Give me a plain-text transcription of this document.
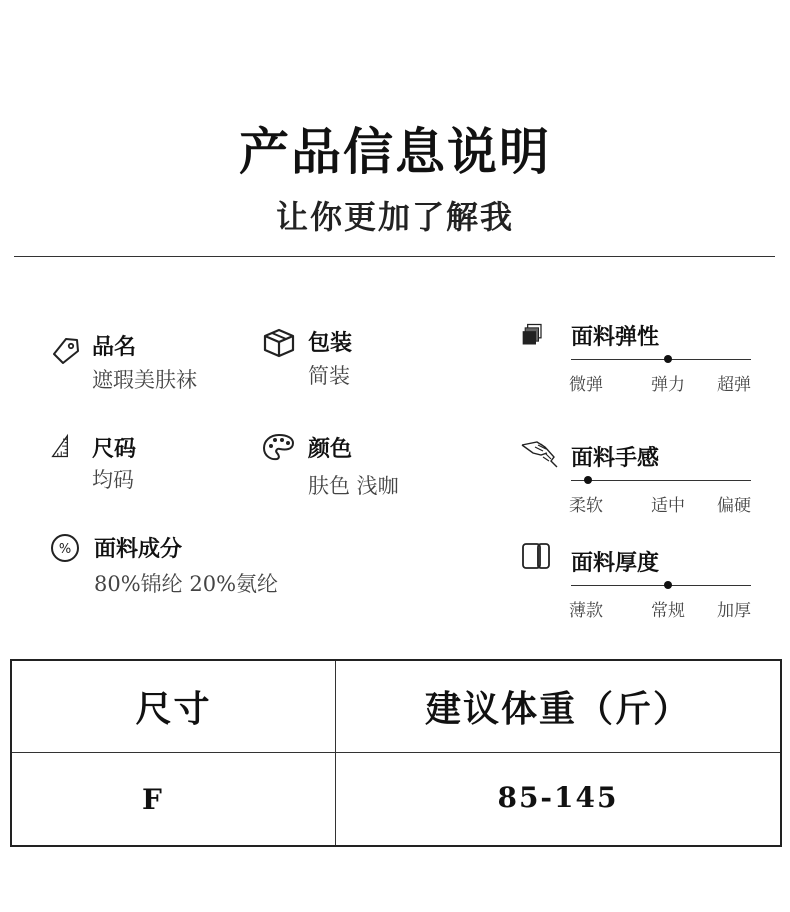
产品信息说明
让你更加了解我
品名
遮瑕美肤袜
包装
简装
尺码
均码
颜色
肤色 浅咖
% 面料成分
80%锦纶 20%氨纶
面料弹性
微弹	弹力 超弹
面料手感
柔软	适中 偏硬
面料厚度
薄款	常规 加厚
尺寸	建议体重（斤）
F	85-145
